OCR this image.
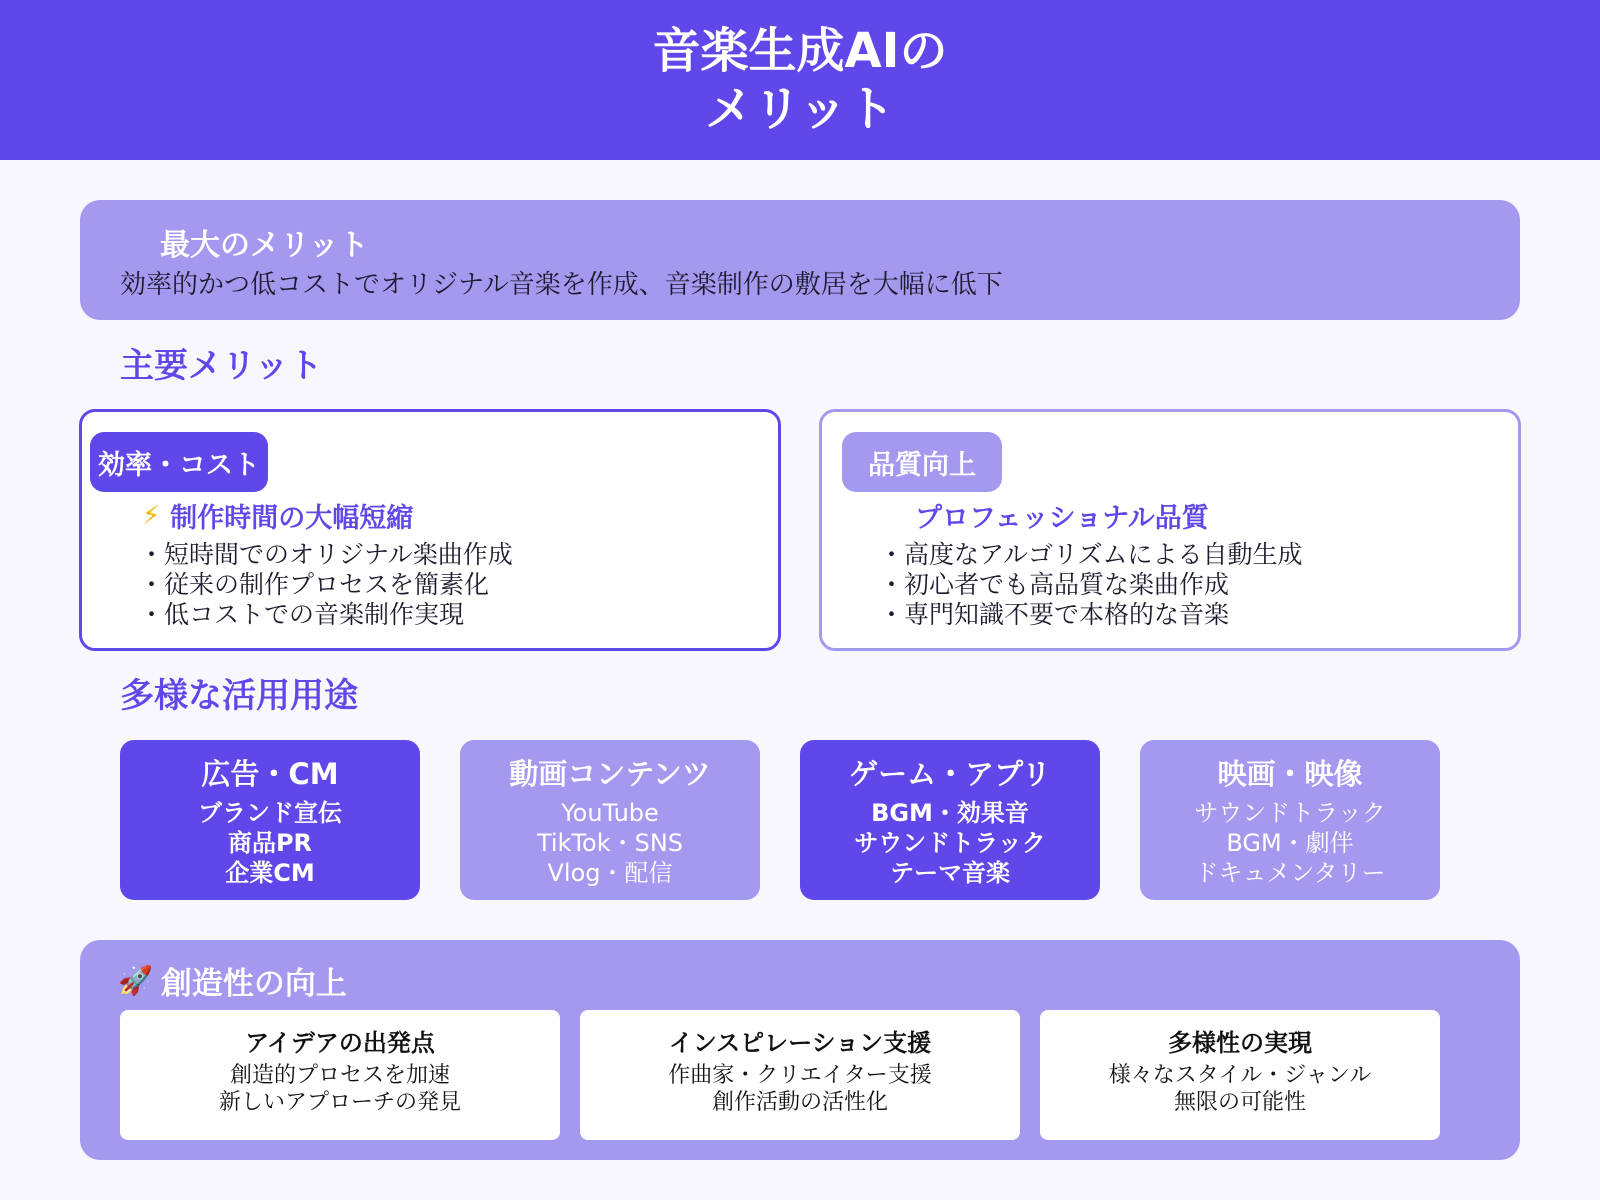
音楽生成AIの
メリット
最大のメリット
効率的かつ低コストでオリジナル音楽を作成、音楽制作の敷居を大幅に低下
主要メリット
効率・コスト
⚡ 制作時間の大幅短縮
・短時間でのオリジナル楽曲作成
・従来の制作プロセスを簡素化
・低コストでの音楽制作実現
品質向上
プロフェッショナル品質
・高度なアルゴリズムによる自動生成
・初心者でも高品質な楽曲作成
・専門知識不要で本格的な音楽
多様な活用用途
広告・CM
ブランド宣伝
商品PR
企業CM
動画コンテンツ
YouTube
TikTok・SNS
Vlog・配信
ゲーム・アプリ
BGM・効果音
サウンドトラック
テーマ音楽
映画・映像
サウンドトラック
BGM・劇伴
ドキュメンタリー
🚀 創造性の向上
アイデアの出発点
創造的プロセスを加速
新しいアプローチの発見
インスピレーション支援
作曲家・クリエイター支援
創作活動の活性化
多様性の実現
様々なスタイル・ジャンル
無限の可能性
